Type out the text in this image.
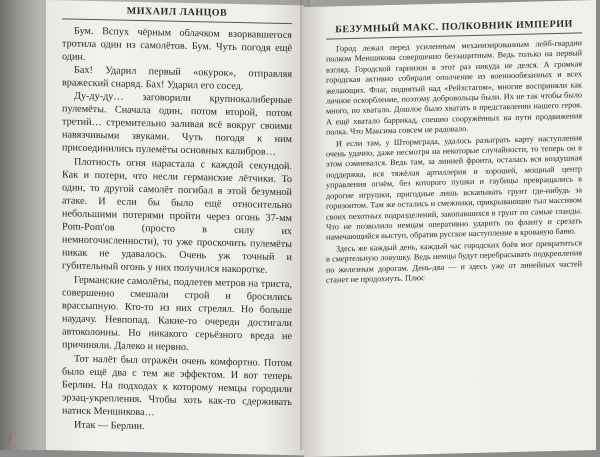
МИХАИЛ ЛАНЦОВ

Бум. Вспух чёрным облачком взорвавшегося тротила один из самолётов. Бум. Чуть погодя ещё один.

Бах! Ударил первый «окурок», отправляя вражеский снаряд. Бах! Ударил его сосед.

Ду-ду-ду… заговорили крупнокалиберные пулемёты. Сначала один, потом второй, потом третий… стремительно заливая всё вокруг своими навязчивыми звуками. Чуть погодя к ним присоединились пулемёты основных калибров…

Плотность огня нарастала с каждой секундой. Как и потери, что несли германские лётчики. То один, то другой самолёт погибал в этой безумной атаке. И если бы было ещё относительно небольшими потерями пройти через огонь 37-мм Pom-Pom'ов (просто в силу их немногочисленности), то уже проскочить пулемёты никак не удавалось. Очень уж точный и губительный огонь у них получился накоротке.

Германские самолёты, подлетев метров на триста, совершенно смешали строй и бросились врассыпную. Кто-то из них стрелял. Но больше наудачу. Невпопад. Какие-то очереди достигали автоколонны. Но никакого серьёзного вреда не причиняли. Далеко и нервно.

Тот налёт был отражён очень комфортно. Потом было ещё два с тем же эффектом. И вот теперь Берлин. На подходах к которому немцы городили эрзац-укрепления. Чтобы хоть как-то сдерживать натиск Меншикова…

Итак — Берлин.

БЕЗУМНЫЙ МАКС. ПОЛКОВНИК ИМПЕРИИ

Город лежал перед усиленным механизированным лейб-гвардии полком Меншикова совершенно беззащитным. Ведь только на первый взгляд. Городской гарнизон в этот раз никуда не делся. А громкая городская активно собирали ополчение из военнообязанных и всех желающих. Флаг, поднятый над «Рейхстагом», многие восприняли как личное оскорбление, поэтому добровольцы были. Их не так чтобы было много, но хватало. Дошлое было хватать в представлении нашего героя. А ещё хватало баррикад, спешно сооружённых на пути продвижения полка. Что Максима совсем не радовало.

И если там, у Штормграда, удалось разыграть карту наступления очень удачно, даже несмотря на некоторые случайности, то теперь он в этом сомневался. Ведь там, за линией фронта, осталась вся воздушная поддержка, вся тяжёлая артиллерия и хорошей, мощный центр управления огнём, без которого пушки и гаубицы превращались в дорогие игрушки, пригодные лишь вскапывать грунт где-нибудь за горизонтом. Там же остались и смежники, прикрывающие тыл массивом своих пехотных подразделений, закопавшихся в грунт по самые гланды. Что не позволило немцам оперативно ударить по флангу и срезать намечающийся выступ, обратив русское наступление в кровавую баню.

Здесь же каждый день, каждый час городских боёв мог превратиться в смертельную ловушку. Ведь немцы будут перебрасывать подкрепления по железным дорогам. День-два — и здесь уже от линейных частей станет не продохнуть. Плюс

/
